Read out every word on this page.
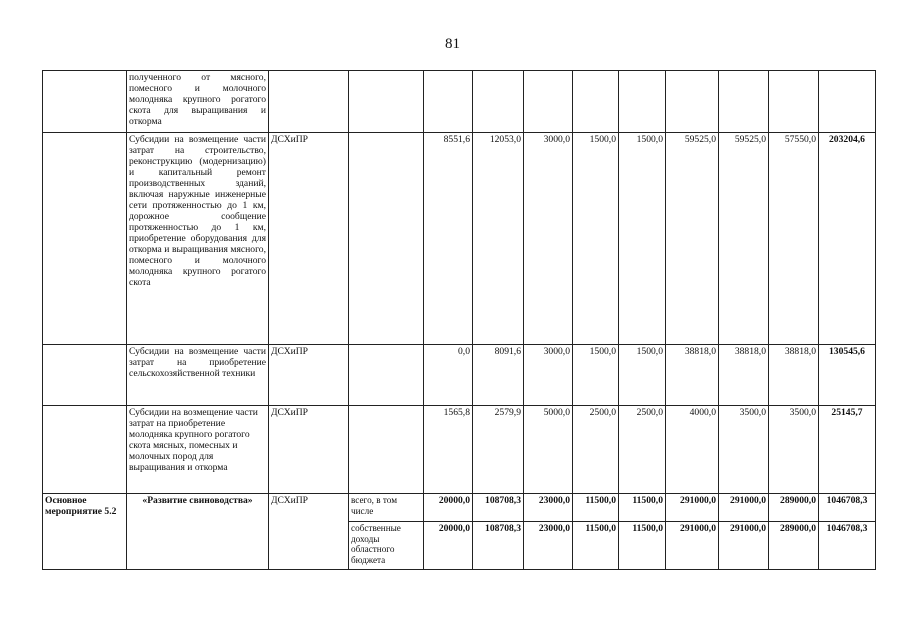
81
	полученного от мясного, помесного и молочного молодняка крупного рогатого скота для выращивания и откорма											
	Субсидии на возмещение части затрат на строительство, реконструкцию (модернизацию) и капитальный ремонт производственных зданий, включая наружные инженерные сети протяженностью до 1 км, дорожное сообщение протяженностью до 1 км, приобретение оборудования для откорма и выращивания мясного, помесного и молочного молодняка крупного рогатого скота	ДСХиПР		8551,6	12053,0	3000,0	1500,0	1500,0	59525,0	59525,0	57550,0	203204,6
	Субсидии на возмещение части затрат на приобретение сельскохозяйственной техники	ДСХиПР		0,0	8091,6	3000,0	1500,0	1500,0	38818,0	38818,0	38818,0	130545,6
	Субсидии на возмещение части затрат на приобретение молодняка крупного рогатого скота мясных, помесных и молочных пород для выращивания и откорма	ДСХиПР		1565,8	2579,9	5000,0	2500,0	2500,0	4000,0	3500,0	3500,0	25145,7
Основное мероприятие 5.2	«Развитие свиноводства»	ДСХиПР	всего, в том числе	20000,0	108708,3	23000,0	11500,0	11500,0	291000,0	291000,0	289000,0	1046708,3
			собственные доходы областного бюджета	20000,0	108708,3	23000,0	11500,0	11500,0	291000,0	291000,0	289000,0	1046708,3
